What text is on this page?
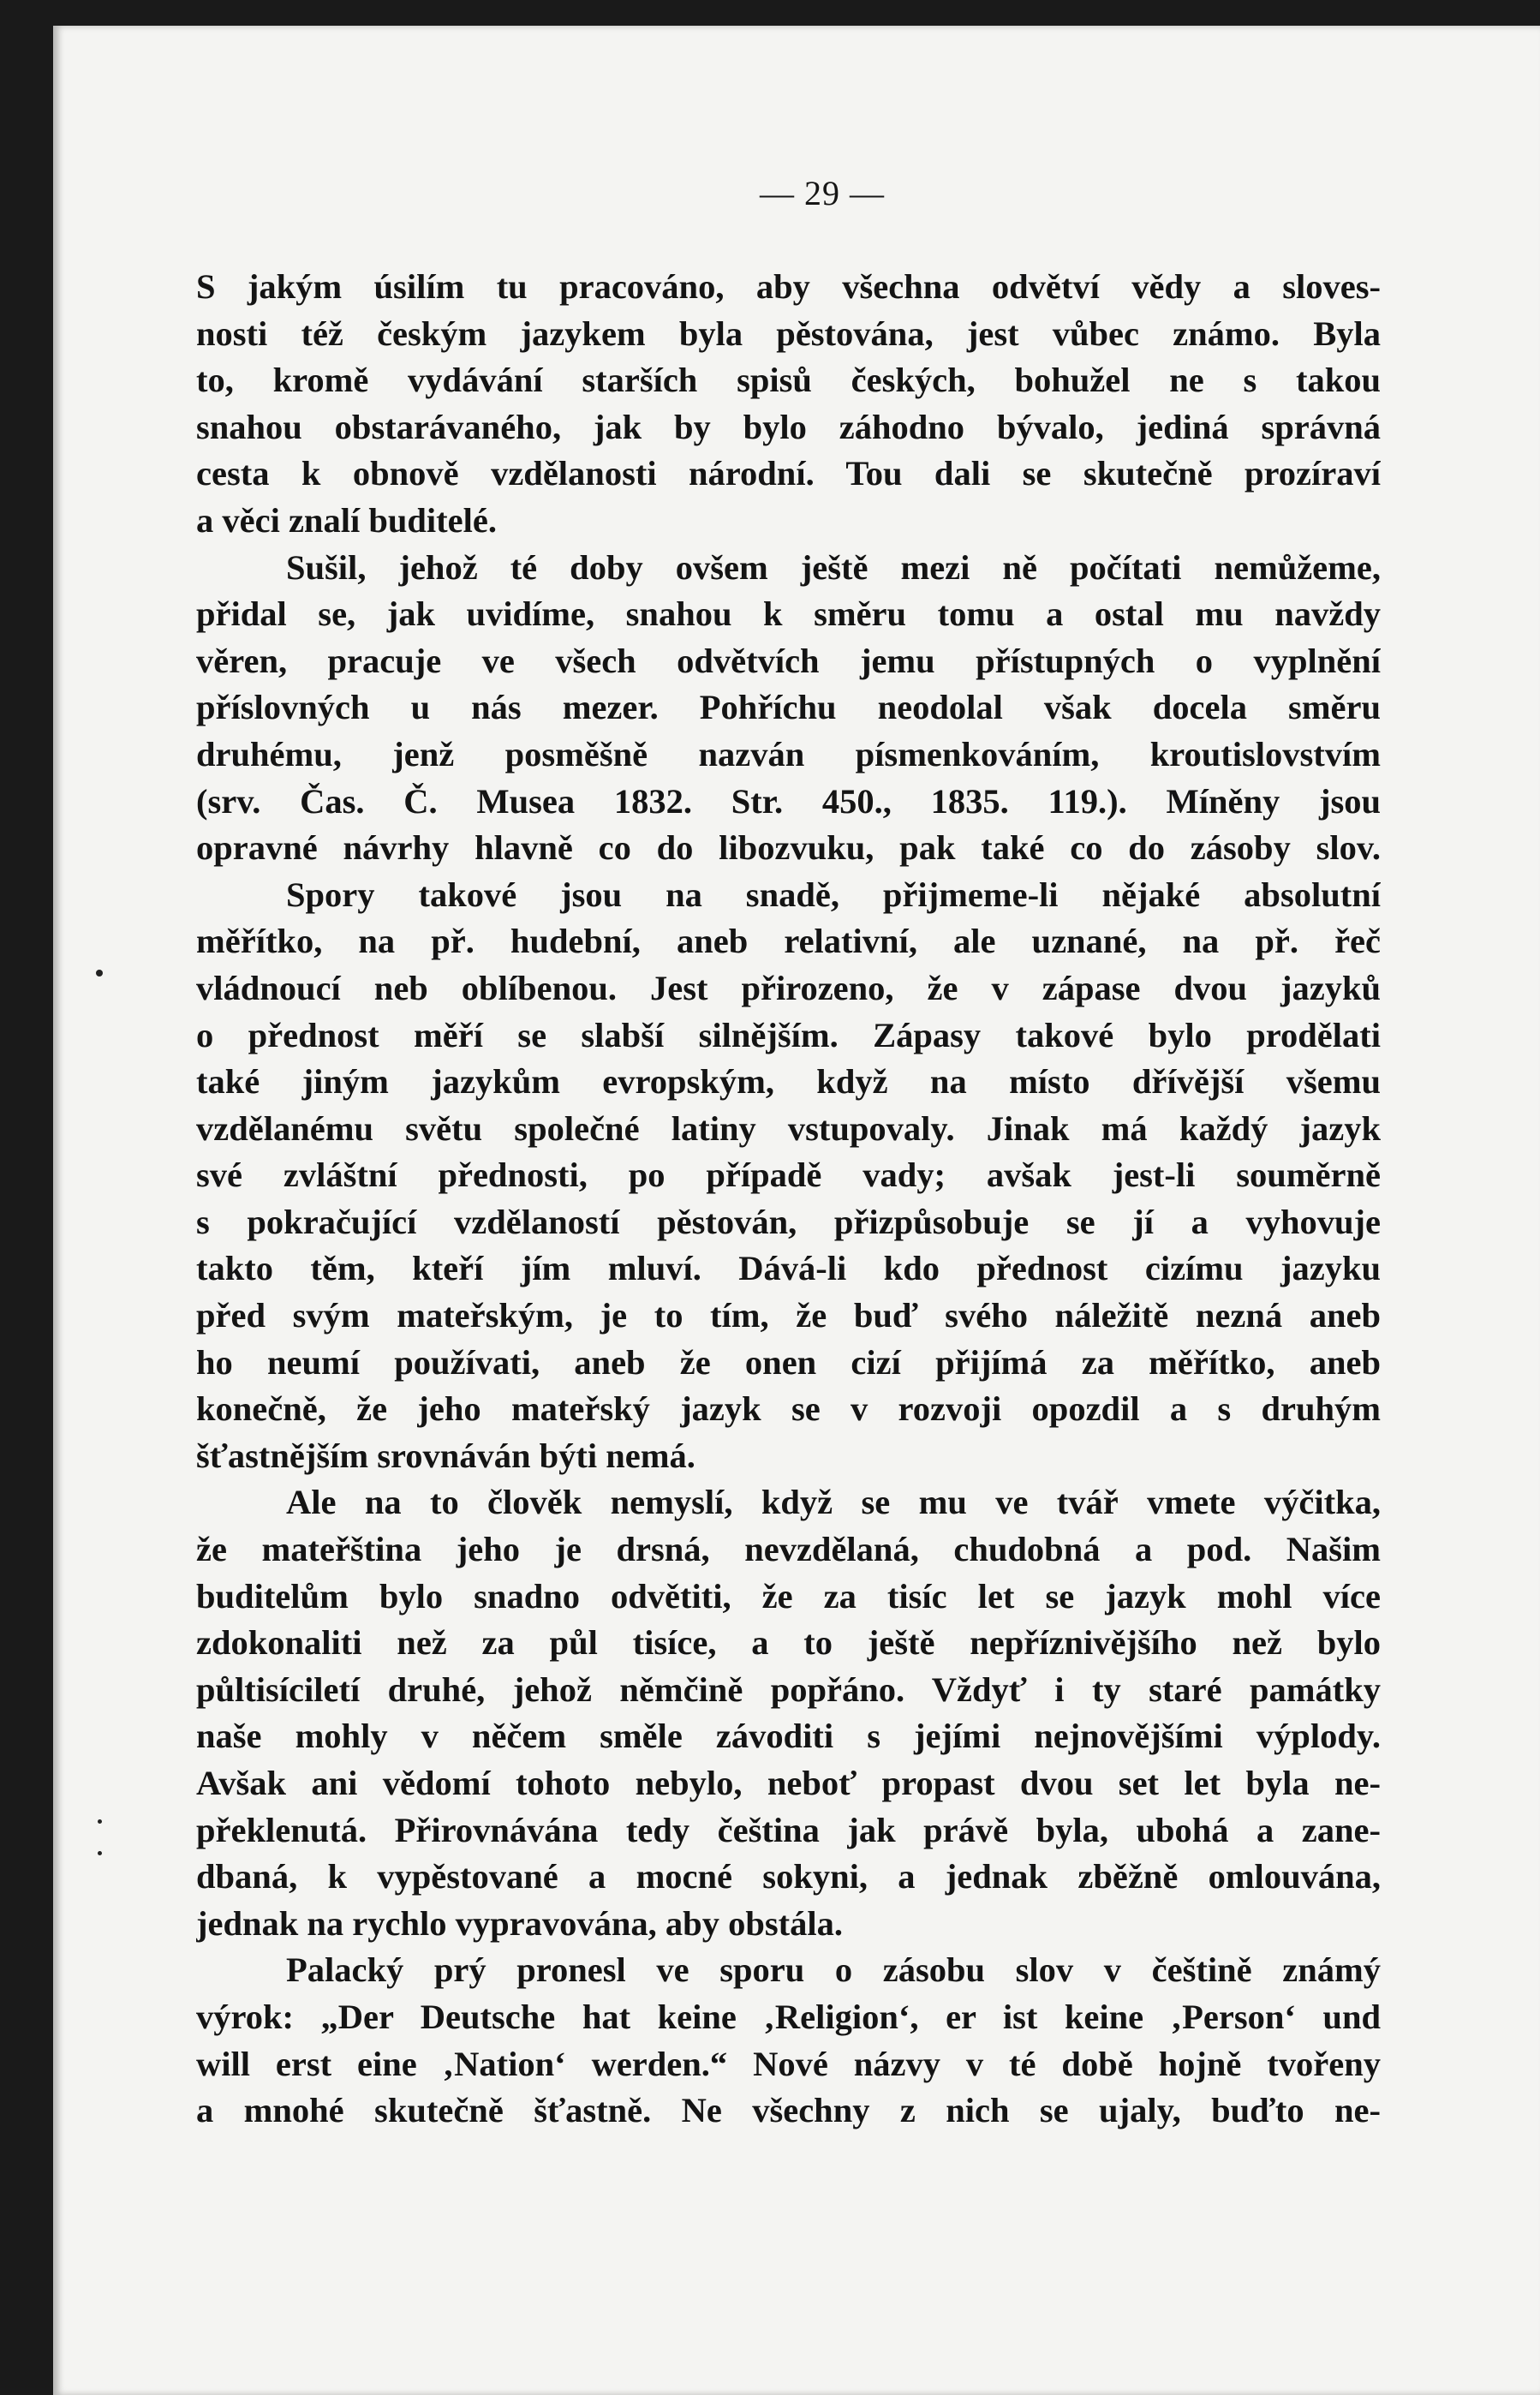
— 29 —
S jakým úsilím tu pracováno, aby všechna odvětví vědy a sloves-
nosti též českým jazykem byla pěstována, jest vůbec známo. Byla
to, kromě vydávání starších spisů českých, bohužel ne s takou
snahou obstarávaného, jak by bylo záhodno bývalo, jediná správná
cesta k obnově vzdělanosti národní. Tou dali se skutečně prozíraví
a věci znalí buditelé.
Sušil, jehož té doby ovšem ještě mezi ně počítati nemůžeme,
přidal se, jak uvidíme, snahou k směru tomu a ostal mu navždy
věren, pracuje ve všech odvětvích jemu přístupných o vyplnění
příslovných u nás mezer. Pohříchu neodolal však docela směru
druhému, jenž posměšně nazván písmenkováním, kroutislovstvím
(srv. Čas. Č. Musea 1832. Str. 450., 1835. 119.). Míněny jsou
opravné návrhy hlavně co do libozvuku, pak také co do zásoby slov.
Spory takové jsou na snadě, přijmeme-li nějaké absolutní
měřítko, na př. hudební, aneb relativní, ale uznané, na př. řeč
vládnoucí neb oblíbenou. Jest přirozeno, že v zápase dvou jazyků
o přednost měří se slabší silnějším. Zápasy takové bylo prodělati
také jiným jazykům evropským, když na místo dřívější všemu
vzdělanému světu společné latiny vstupovaly. Jinak má každý jazyk
své zvláštní přednosti, po případě vady; avšak jest-li souměrně
s pokračující vzdělaností pěstován, přizpůsobuje se jí a vyhovuje
takto těm, kteří jím mluví. Dává-li kdo přednost cizímu jazyku
před svým mateřským, je to tím, že buď svého náležitě nezná aneb
ho neumí používati, aneb že onen cizí přijímá za měřítko, aneb
konečně, že jeho mateřský jazyk se v rozvoji opozdil a s druhým
šťastnějším srovnáván býti nemá.
Ale na to člověk nemyslí, když se mu ve tvář vmete výčitka,
že mateřština jeho je drsná, nevzdělaná, chudobná a pod. Našim
buditelům bylo snadno odvětiti, že za tisíc let se jazyk mohl více
zdokonaliti než za půl tisíce, a to ještě nepříznivějšího než bylo
půltisíciletí druhé, jehož němčině popřáno. Vždyť i ty staré památky
naše mohly v něčem směle závoditi s jejími nejnovějšími výplody.
Avšak ani vědomí tohoto nebylo, neboť propast dvou set let byla ne-
překlenutá. Přirovnávána tedy čeština jak právě byla, ubohá a zane-
dbaná, k vypěstované a mocné sokyni, a jednak zběžně omlouvána,
jednak na rychlo vypravována, aby obstála.
Palacký prý pronesl ve sporu o zásobu slov v češtině známý
výrok: „Der Deutsche hat keine ‚Religion‘, er ist keine ‚Person‘ und
will erst eine ‚Nation‘ werden.“ Nové názvy v té době hojně tvořeny
a mnohé skutečně šťastně. Ne všechny z nich se ujaly, buďto ne-
